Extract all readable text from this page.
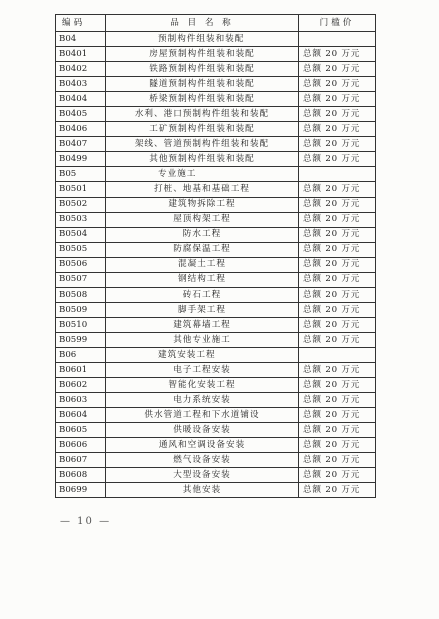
编码	品 目 名 称	门槛价
B04	预制构件组装和装配	
B0401	房屋预制构件组装和装配	总额 20 万元
B0402	铁路预制构件组装和装配	总额 20 万元
B0403	隧道预制构件组装和装配	总额 20 万元
B0404	桥梁预制构件组装和装配	总额 20 万元
B0405	水利、港口预制构件组装和装配	总额 20 万元
B0406	工矿预制构件组装和装配	总额 20 万元
B0407	架线、管道预制构件组装和装配	总额 20 万元
B0499	其他预制构件组装和装配	总额 20 万元
B05	专业施工	
B0501	打桩、地基和基础工程	总额 20 万元
B0502	建筑物拆除工程	总额 20 万元
B0503	屋顶构架工程	总额 20 万元
B0504	防水工程	总额 20 万元
B0505	防腐保温工程	总额 20 万元
B0506	混凝土工程	总额 20 万元
B0507	钢结构工程	总额 20 万元
B0508	砖石工程	总额 20 万元
B0509	脚手架工程	总额 20 万元
B0510	建筑幕墙工程	总额 20 万元
B0599	其他专业施工	总额 20 万元
B06	建筑安装工程	
B0601	电子工程安装	总额 20 万元
B0602	智能化安装工程	总额 20 万元
B0603	电力系统安装	总额 20 万元
B0604	供水管道工程和下水道铺设	总额 20 万元
B0605	供暖设备安装	总额 20 万元
B0606	通风和空调设备安装	总额 20 万元
B0607	燃气设备安装	总额 20 万元
B0608	大型设备安装	总额 20 万元
B0699	其他安装	总额 20 万元
— 10 —
